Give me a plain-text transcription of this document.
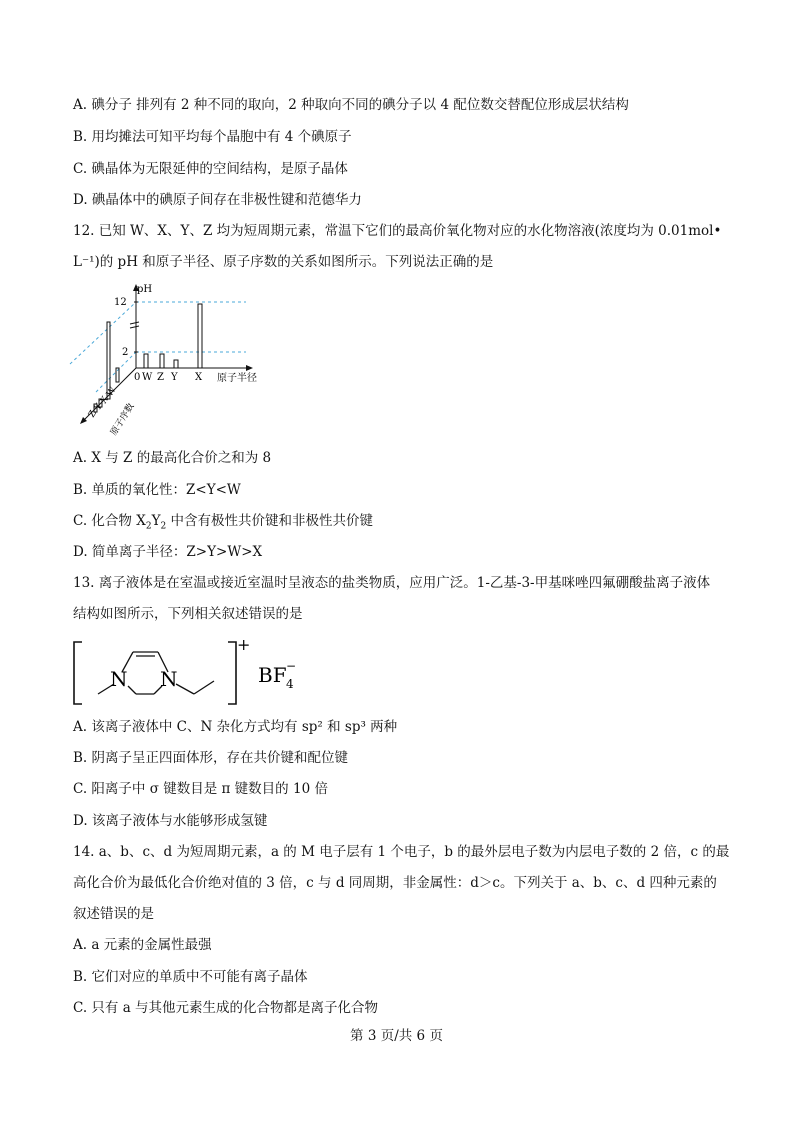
A. 碘分子 排列有 2 种不同的取向，2 种取向不同的碘分子以 4 配位数交替配位形成层状结构
B. 用均摊法可知平均每个晶胞中有 4 个碘原子
C. 碘晶体为无限延伸的空间结构，是原子晶体
D. 碘晶体中的碘原子间存在非极性键和范德华力
12. 已知 W、X、Y、Z 均为短周期元素，常温下它们的最高价氧化物对应的水化物溶液(浓度均为 0.01mol•
L⁻¹)的 pH 和原子半径、原子序数的关系如图所示。下列说法正确的是
pH
12
2
0 W Z Y X 原子半径
Z
Y
X
W
原子序数
A. X 与 Z 的最高化合价之和为 8
B. 单质的氧化性：Z<Y<W
C. 化合物 $X_2Y_2$ 中含有极性共价键和非极性共价键
D. 简单离子半径：Z>Y>W>X
13. 离子液体是在室温或接近室温时呈液态的盐类物质，应用广泛。1-乙基-3-甲基咪唑四氟硼酸盐离子液体
结构如图所示，下列相关叙述错误的是
N N
+
BF 4
−
A. 该离子液体中 C、N 杂化方式均有 sp² 和 sp³ 两种
B. 阴离子呈正四面体形，存在共价键和配位键
C. 阳离子中 σ 键数目是 π 键数目的 10 倍
D. 该离子液体与水能够形成氢键
14. a、b、c、d 为短周期元素，a 的 M 电子层有 1 个电子，b 的最外层电子数为内层电子数的 2 倍，c 的最
高化合价为最低化合价绝对值的 3 倍，c 与 d 同周期，非金属性：d＞c。下列关于 a、b、c、d 四种元素的
叙述错误的是
A. a 元素的金属性最强
B. 它们对应的单质中不可能有离子晶体
C. 只有 a 与其他元素生成的化合物都是离子化合物
第 3 页/共 6 页
